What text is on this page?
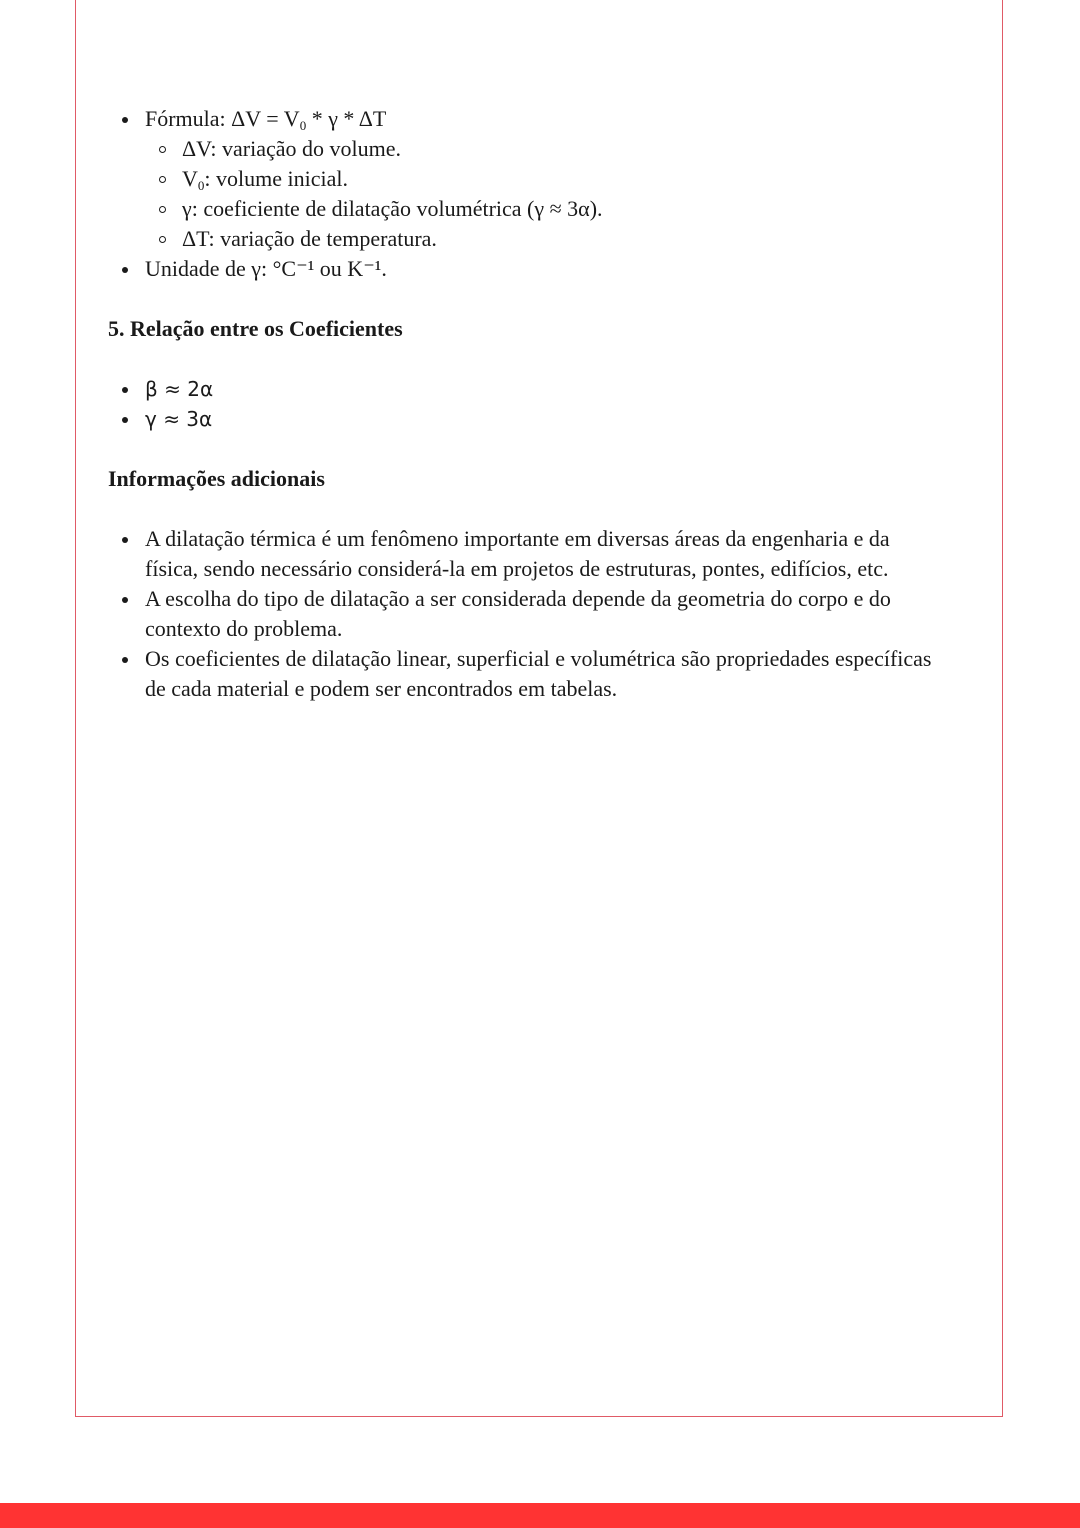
Fórmula: $\Delta V = V_0 * \gamma * \Delta T$
ΔV: variação do volume.
$V_0$: volume inicial.
γ: coeficiente de dilatação volumétrica (γ ≈ 3α).
ΔT: variação de temperatura.
Unidade de γ: °C⁻¹ ou K⁻¹.
5. Relação entre os Coeficientes
β ≈ 2α
γ ≈ 3α
Informações adicionais
A dilatação térmica é um fenômeno importante em diversas áreas da engenharia e da
física, sendo necessário considerá-la em projetos de estruturas, pontes, edifícios, etc.
A escolha do tipo de dilatação a ser considerada depende da geometria do corpo e do
contexto do problema.
Os coeficientes de dilatação linear, superficial e volumétrica são propriedades específicas
de cada material e podem ser encontrados em tabelas.
